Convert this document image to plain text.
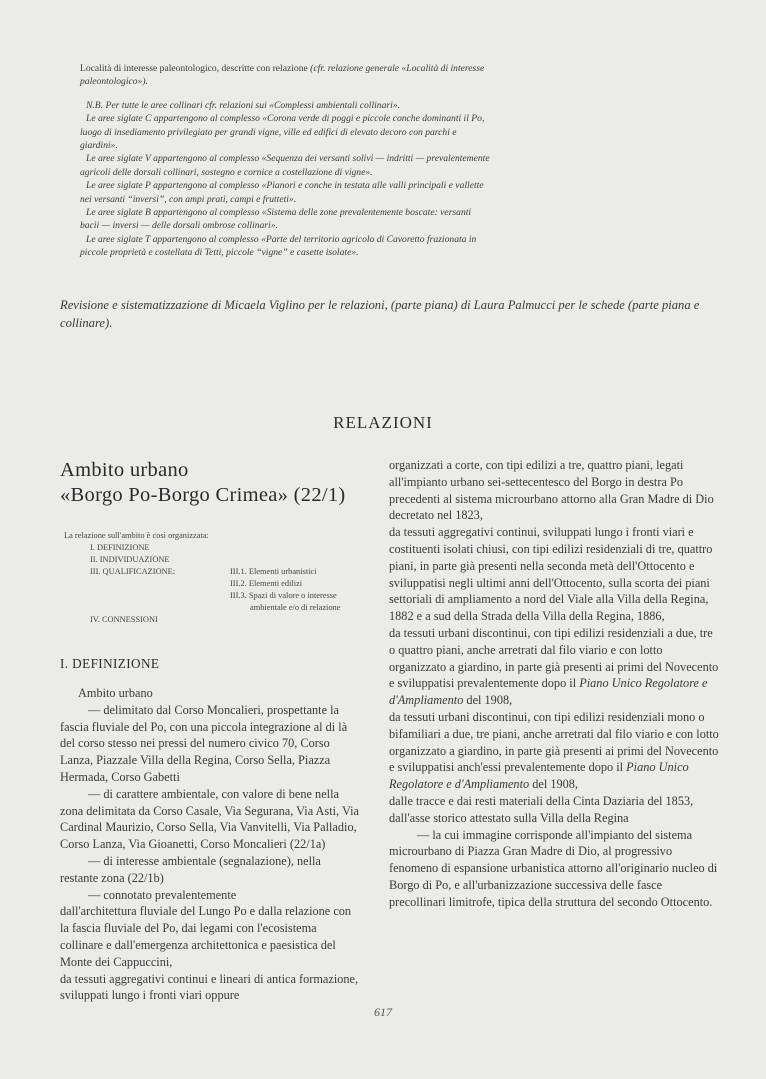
Località di interesse paleontologico, descritte con relazione (cfr. relazione generale «Località di interesse paleontologico»).

N.B. Per tutte le aree collinari cfr. relazioni sui «Complessi ambientali collinari».

Le aree siglate C appartengono al complesso «Corona verde di poggi e piccole conche dominanti il Po, luogo di insediamento privilegiato per grandi vigne, ville ed edifici di elevato decoro con parchi e giardini».

Le aree siglate V appartengono al complesso «Sequenza dei versanti solivi — indritti — prevalentemente agricoli delle dorsali collinari, sostegno e cornice a costellazione di vigne».

Le aree siglate P appartengono al complesso «Pianori e conche in testata alle valli principali e vallette nei versanti “inversi”, con ampi prati, campi e frutteti».

Le aree siglate B appartengono al complesso «Sistema delle zone prevalentemente boscate: versanti bacìi — inversi — delle dorsali ombrose collinari».

Le aree siglate T appartengono al complesso «Parte del territorio agricolo di Cavoretto frazionata in piccole proprietà e costellata di Tetti, piccole “vigne” e casette isolate».

Revisione e sistematizzazione di Micaela Viglino per le relazioni, (parte piana) di Laura Palmucci per le schede (parte piana e collinare).
RELAZIONI
Ambito urbano
«Borgo Po-Borgo Crimea» (22/1)
La relazione sull'ambito è così organizzata:
I. DEFINIZIONE
II. INDIVIDUAZIONE
III. QUALIFICAZIONE:	III.1. Elementi urbanistici
III.2. Elementi edilizi
III.3. Spazi di valore o interesse
ambientale e/o di relazione
IV. CONNESSIONI
I. DEFINIZIONE

Ambito urbano

— delimitato dal Corso Moncalieri, prospettante la fascia fluviale del Po, con una piccola integrazione al di là del corso stesso nei pressi del numero civico 70, Corso Lanza, Piazzale Villa della Regina, Corso Sella, Piazza Hermada, Corso Gabetti

— di carattere ambientale, con valore di bene nella zona delimitata da Corso Casale, Via Segurana, Via Asti, Via Cardinal Maurizio, Corso Sella, Via Vanvitelli, Via Palladio, Corso Lanza, Via Gioanetti, Corso Moncalieri (22/1a)

— di interesse ambientale (segnalazione), nella restante zona (22/1b)

— connotato prevalentemente

dall'architettura fluviale del Lungo Po e dalla relazione con la fascia fluviale del Po, dai legami con l'ecosistema collinare e dall'emergenza architettonica e paesistica del Monte dei Cappuccini,

da tessuti aggregativi continui e lineari di antica formazione, sviluppati lungo i fronti viari oppure

organizzati a corte, con tipi edilizi a tre, quattro piani, legati all'impianto urbano sei-settecentesco del Borgo in destra Po precedenti al sistema microurbano attorno alla Gran Madre di Dio decretato nel 1823,

da tessuti aggregativi continui, sviluppati lungo i fronti viari e costituenti isolati chiusi, con tipi edilizi residenziali di tre, quattro piani, in parte già presenti nella seconda metà dell'Ottocento e sviluppatisi negli ultimi anni dell'Ottocento, sulla scorta dei piani settoriali di ampliamento a nord del Viale alla Villa della Regina, 1882 e a sud della Strada della Villa della Regina, 1886,

da tessuti urbani discontinui, con tipi edilizi residenziali a due, tre o quattro piani, anche arretrati dal filo viario e con lotto organizzato a giardino, in parte già presenti ai primi del Novecento e sviluppatisi prevalentemente dopo il Piano Unico Regolatore e d'Ampliamento del 1908,

da tessuti urbani discontinui, con tipi edilizi residenziali mono o bifamiliari a due, tre piani, anche arretrati dal filo viario e con lotto organizzato a giardino, in parte già presenti ai primi del Novecento e sviluppatisi anch'essi prevalentemente dopo il Piano Unico Regolatore e d'Ampliamento del 1908,

dalle tracce e dai resti materiali della Cinta Daziaria del 1853,

dall'asse storico attestato sulla Villa della Regina

— la cui immagine corrisponde all'impianto del sistema microurbano di Piazza Gran Madre di Dio, al progressivo fenomeno di espansione urbanistica attorno all'originario nucleo di Borgo di Po, e all'urbanizzazione successiva delle fasce precollinari limitrofe, tipica della struttura del secondo Ottocento.

617
